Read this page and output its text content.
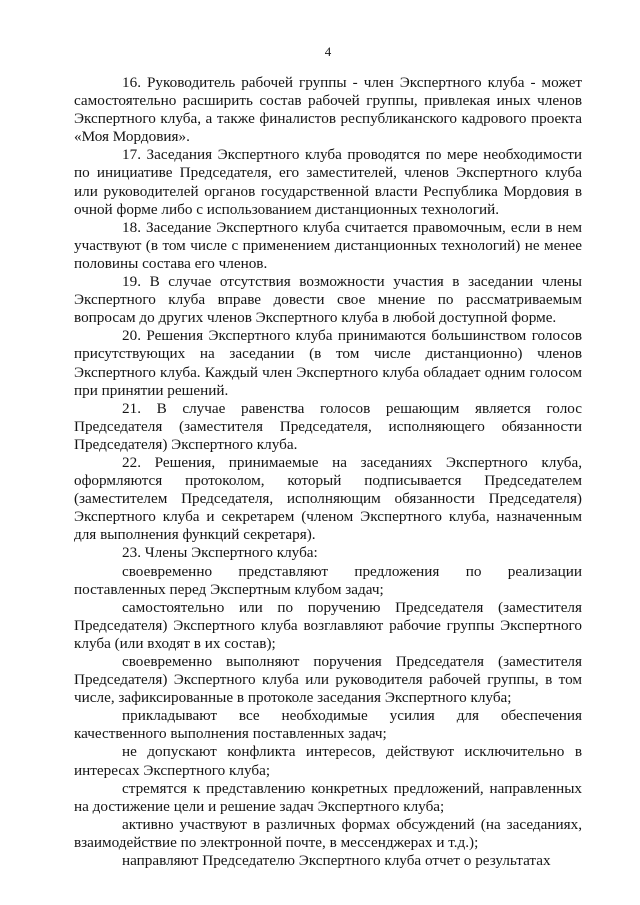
4

16. Руководитель рабочей группы - член Экспертного клуба - может самостоятельно расширить состав рабочей группы, привлекая иных членов Экспертного клуба, а также финалистов республиканского кадрового проекта «Моя Мордовия».

17. Заседания Экспертного клуба проводятся по мере необходимости по инициативе Председателя, его заместителей, членов Экспертного клуба или руководителей органов государственной власти Республика Мордовия в очной форме либо с использованием дистанционных технологий.

18. Заседание Экспертного клуба считается правомочным, если в нем участвуют (в том числе с применением дистанционных технологий) не менее половины состава его членов.

19. В случае отсутствия возможности участия в заседании члены Экспертного клуба вправе довести свое мнение по рассматриваемым вопросам до других членов Экспертного клуба в любой доступной форме.

20. Решения Экспертного клуба принимаются большинством голосов присутствующих на заседании (в том числе дистанционно) членов Экспертного клуба. Каждый член Экспертного клуба обладает одним голосом при принятии решений.

21. В случае равенства голосов решающим является голос Председателя (заместителя Председателя, исполняющего обязанности Председателя) Экспертного клуба.

22. Решения, принимаемые на заседаниях Экспертного клуба, оформляются протоколом, который подписывается Председателем (заместителем Председателя, исполняющим обязанности Председателя) Экспертного клуба и секретарем (членом Экспертного клуба, назначенным для выполнения функций секретаря).

23. Члены Экспертного клуба:

своевременно представляют предложения по реализации поставленных перед Экспертным клубом задач;

самостоятельно или по поручению Председателя (заместителя Председателя) Экспертного клуба возглавляют рабочие группы Экспертного клуба (или входят в их состав);

своевременно выполняют поручения Председателя (заместителя Председателя) Экспертного клуба или руководителя рабочей группы, в том числе, зафиксированные в протоколе заседания Экспертного клуба;

прикладывают все необходимые усилия для обеспечения качественного выполнения поставленных задач;

не допускают конфликта интересов, действуют исключительно в интересах Экспертного клуба;

стремятся к представлению конкретных предложений, направленных на достижение цели и решение задач Экспертного клуба;

активно участвуют в различных формах обсуждений (на заседаниях, взаимодействие по электронной почте, в мессенджерах и т.д.);

направляют Председателю Экспертного клуба отчет о результатах
